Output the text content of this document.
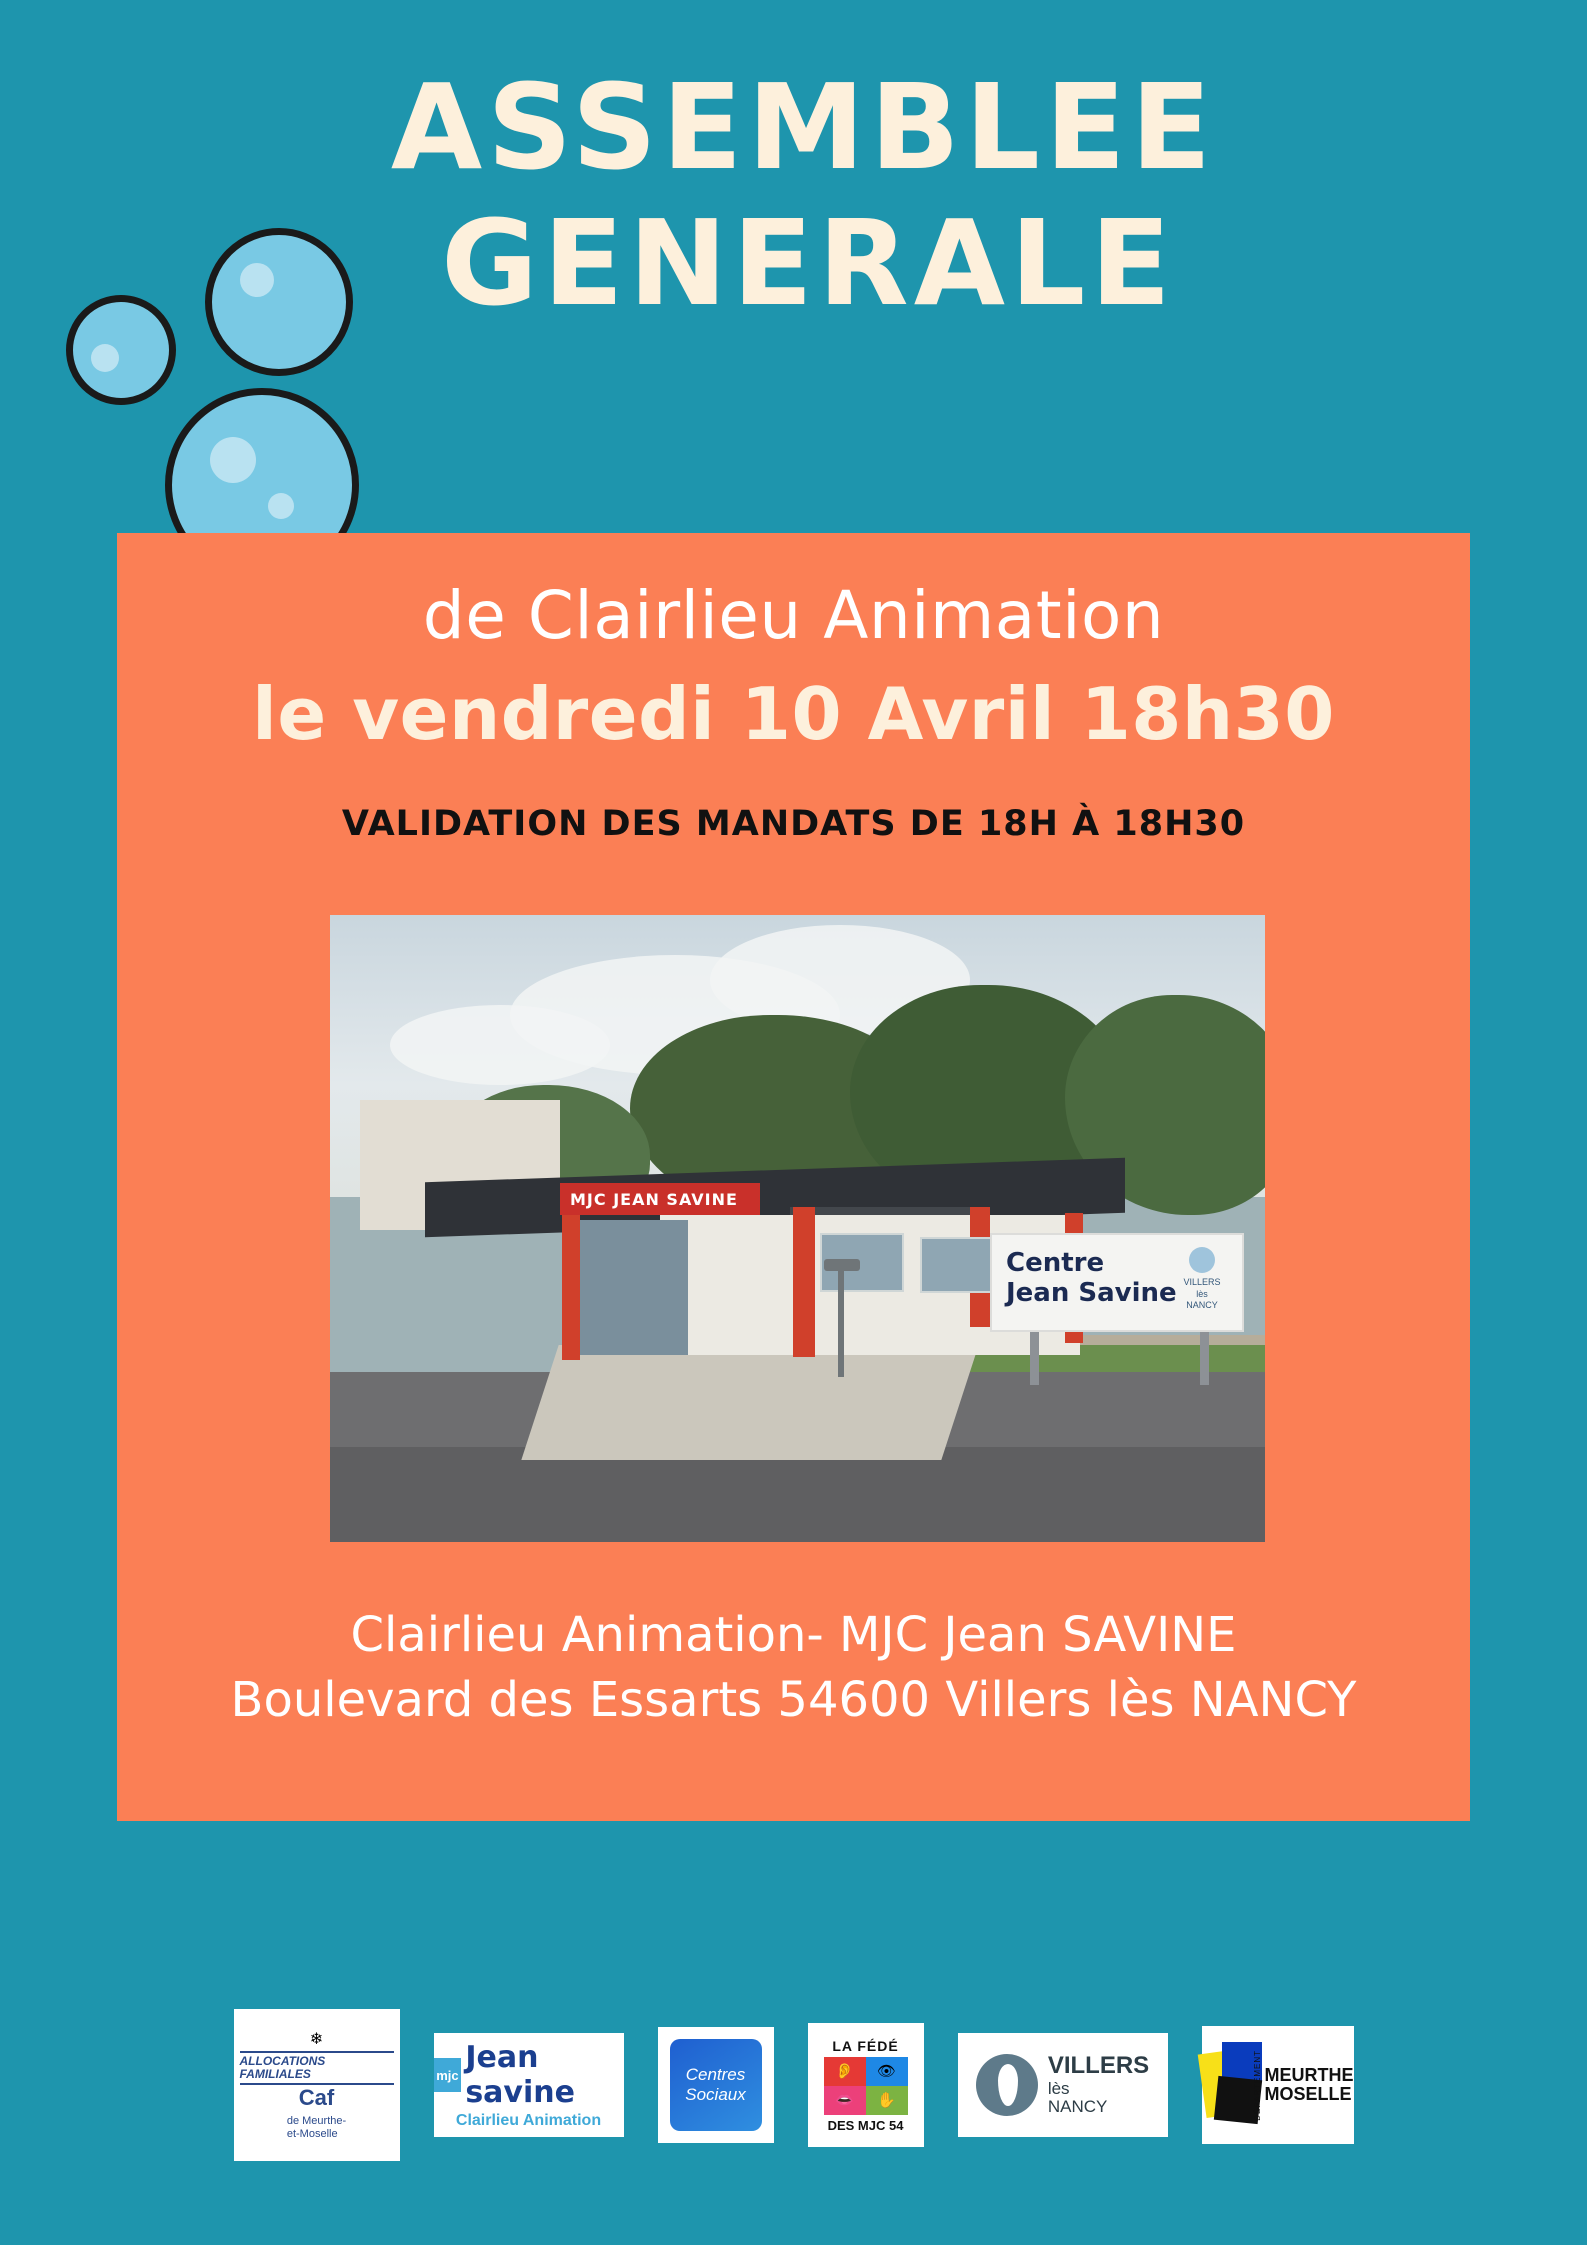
ASSEMBLEE
GENERALE
de Clairlieu Animation
le vendredi 10 Avril 18h30
VALIDATION DES MANDATS DE 18H À 18H30
MJC JEAN SAVINE
Centre
Jean Savine VILLERS
lès
NANCY
Clairlieu Animation- MJC Jean SAVINE
Boulevard des Essarts 54600 Villers lès NANCY
❄
ALLOCATIONS
FAMILIALES
Caf
de Meurthe-
et-Moselle
mjc Jean savine
Clairlieu Animation
Centres
Sociaux
LA FÉDÉ
👂	👁
👄	✋
DES MJC 54
VILLERS
lès
NANCY	DÉPARTEMENT MEURTHE
MOSELLE
